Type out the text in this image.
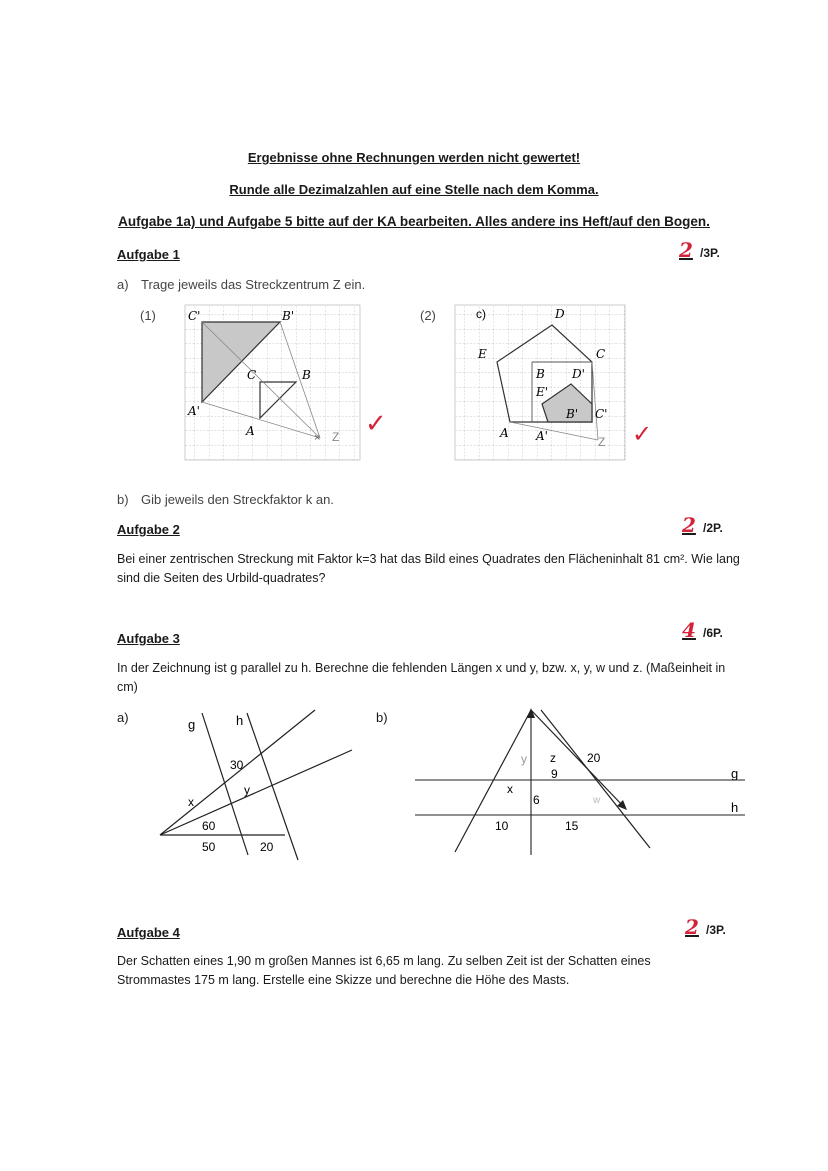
Ergebnisse ohne Rechnungen werden nicht gewertet!
Runde alle Dezimalzahlen auf eine Stelle nach dem Komma.
Aufgabe 1a) und Aufgabe 5 bitte auf der KA bearbeiten. Alles andere ins Heft/auf den Bogen.
Aufgabe 1	2 /3P.
a) Trage jeweils das Streckzentrum Z ein.
(1)	(2)
C'	B'
C	B
A'
A	× Z ✓
c)	D
E	C
B D'
E'
B' C'
A A'	Z ✓
b) Gib jeweils den Streckfaktor k an.
Aufgabe 2	2 /2P.
Bei einer zentrischen Streckung mit Faktor k=3 hat das Bild eines Quadrates den Flächeninhalt 81 cm². Wie lang sind die Seiten des Urbild-quadrates?
Aufgabe 3	4 /6P.
In der Zeichnung ist g parallel zu h. Berechne die fehlenden Längen x und y, bzw. x, y, w und z. (Maßeinheit in cm)
a)	b)
g	h
30
x
y
60
50	20
y z	20
9	g
x
6	w	h
10	15
Aufgabe 4	2 /3P.
Der Schatten eines 1,90 m großen Mannes ist 6,65 m lang. Zu selben Zeit ist der Schatten eines Strommastes 175 m lang. Erstelle eine Skizze und berechne die Höhe des Masts.
